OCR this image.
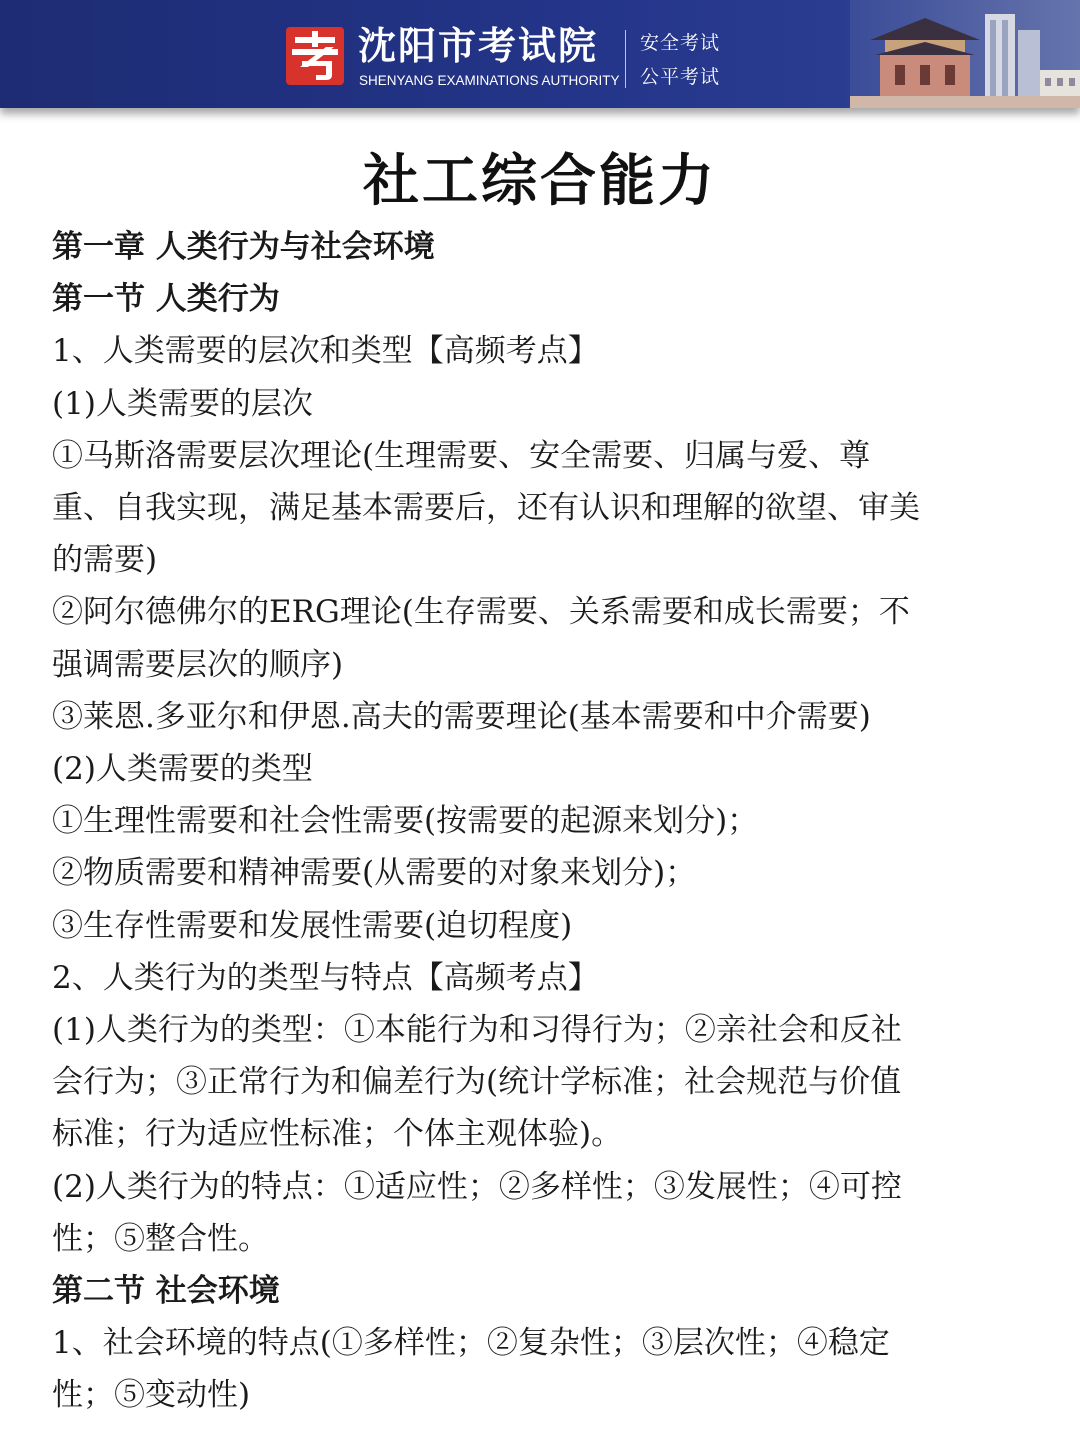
沈阳市考试院
SHENYANG EXAMINATIONS AUTHORITY
安全考试
公平考试
社工综合能力
第一章 人类行为与社会环境
第一节 人类行为
1、人类需要的层次和类型【高频考点】
(1)人类需要的层次
①马斯洛需要层次理论(生理需要、安全需要、归属与爱、尊
重、自我实现，满足基本需要后，还有认识和理解的欲望、审美
的需要)
②阿尔德佛尔的ERG理论(生存需要、关系需要和成长需要；不
强调需要层次的顺序)
③莱恩.多亚尔和伊恩.高夫的需要理论(基本需要和中介需要)
(2)人类需要的类型
①生理性需要和社会性需要(按需要的起源来划分)；
②物质需要和精神需要(从需要的对象来划分)；
③生存性需要和发展性需要(迫切程度)
2、人类行为的类型与特点【高频考点】
(1)人类行为的类型：①本能行为和习得行为；②亲社会和反社
会行为；③正常行为和偏差行为(统计学标准；社会规范与价值
标准；行为适应性标准；个体主观体验)。
(2)人类行为的特点：①适应性；②多样性；③发展性；④可控
性；⑤整合性。
第二节 社会环境
1、社会环境的特点(①多样性；②复杂性；③层次性；④稳定
性；⑤变动性)
